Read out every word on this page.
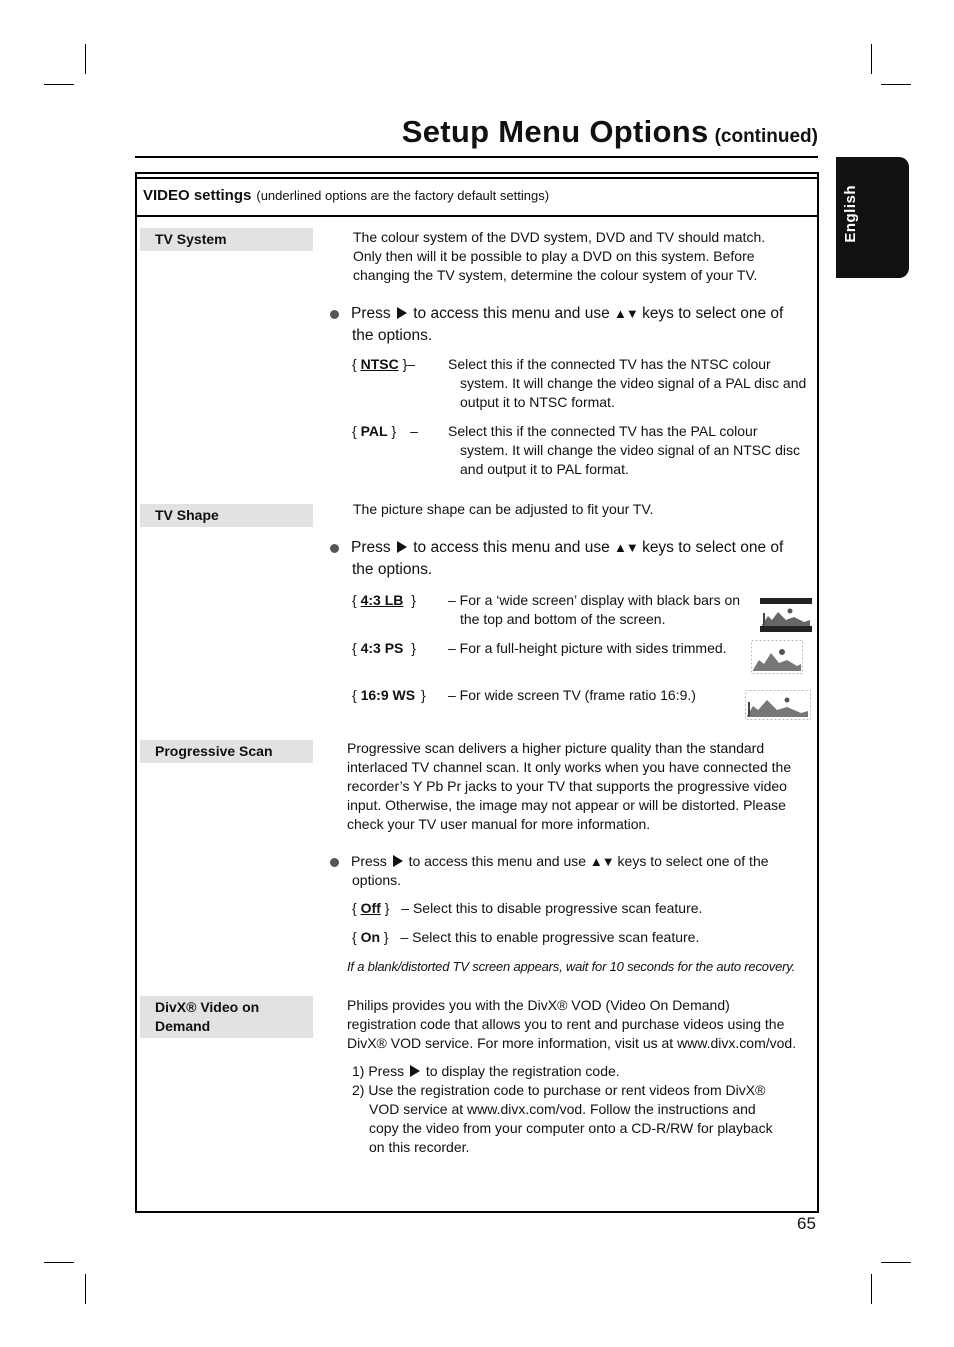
Setup Menu Options (continued)
English
VIDEO settings (underlined options are the factory default settings)
TV System	The colour system of the DVD system, DVD and TV should match.
Only then will it be possible to play a DVD on this system. Before
changing the TV system, determine the colour system of your TV.
Press to access this menu and use ▲▼ keys to select one of
the options.
{ NTSC }– Select this if the connected TV has the NTSC colour
system. It will change the video signal of a PAL disc and
output it to NTSC format.
{ PAL } – Select this if the connected TV has the PAL colour
system. It will change the video signal of an NTSC disc
and output it to PAL format.
TV Shape	The picture shape can be adjusted to fit your TV.
Press to access this menu and use ▲▼ keys to select one of
the options.
{ 4:3 LB } – For a ‘wide screen’ display with black bars on
the top and bottom of the screen.
{ 4:3 PS } – For a full-height picture with sides trimmed.
{ 16:9 WS } – For wide screen TV (frame ratio 16:9.)
Progressive Scan	Progressive scan delivers a higher picture quality than the standard
interlaced TV channel scan. It only works when you have connected the
recorder’s Y Pb Pr jacks to your TV that supports the progressive video
input. Otherwise, the image may not appear or will be distorted. Please
check your TV user manual for more information.
Press to access this menu and use ▲▼ keys to select one of the
options.
{ Off } – Select this to disable progressive scan feature.
{ On } – Select this to enable progressive scan feature.
If a blank/distorted TV screen appears, wait for 10 seconds for the auto recovery.
DivX® Video on
Demand
Philips provides you with the DivX® VOD (Video On Demand)
registration code that allows you to rent and purchase videos using the
DivX® VOD service. For more information, visit us at www.divx.com/vod.
1) Press to display the registration code.
2) Use the registration code to purchase or rent videos from DivX®
VOD service at www.divx.com/vod. Follow the instructions and
copy the video from your computer onto a CD-R/RW for playback
on this recorder.
65
